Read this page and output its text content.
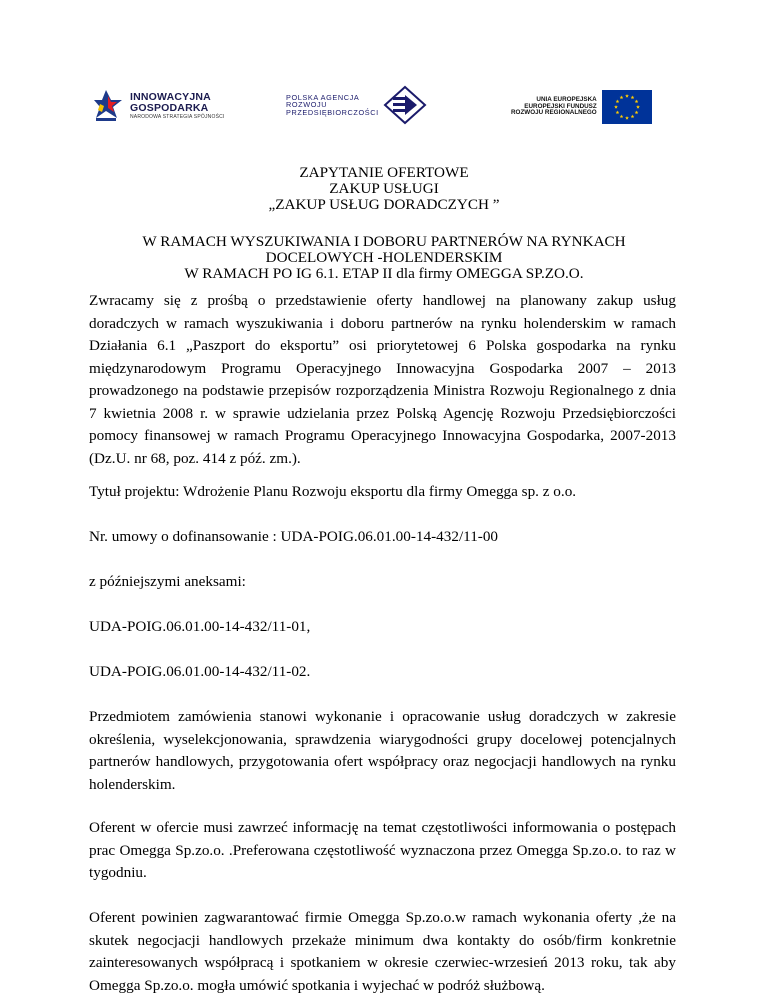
INNOWACYJNA
GOSPODARKA
NARODOWA STRATEGIA SPÓJNOŚCI
POLSKA AGENCJA
ROZWOJU
PRZEDSIĘBIORCZOŚCI
UNIA EUROPEJSKA
EUROPEJSKI FUNDUSZ
ROZWOJU REGIONALNEGO
ZAPYTANIE OFERTOWE
ZAKUP USŁUGI
„ZAKUP USŁUG DORADCZYCH ”
W RAMACH WYSZUKIWANIA I DOBORU PARTNERÓW NA RYNKACH
DOCELOWYCH -HOLENDERSKIM
W RAMACH PO IG 6.1. ETAP II dla firmy OMEGGA SP.ZO.O.

Zwracamy się z prośbą o przedstawienie oferty handlowej na planowany zakup usług doradczych w ramach wyszukiwania i doboru partnerów na rynku holenderskim w ramach Działania 6.1 „Paszport do eksportu” osi priorytetowej 6 Polska gospodarka na rynku międzynarodowym Programu Operacyjnego Innowacyjna Gospodarka 2007 – 2013 prowadzonego na podstawie przepisów rozporządzenia Ministra Rozwoju Regionalnego z dnia 7 kwietnia 2008 r. w sprawie udzielania przez Polską Agencję Rozwoju Przedsiębiorczości pomocy finansowej w ramach Programu Operacyjnego Innowacyjna Gospodarka, 2007-2013 (Dz.U. nr 68, poz. 414 z póź. zm.).

Tytuł projektu: Wdrożenie Planu Rozwoju eksportu dla firmy Omegga sp. z o.o.

Nr. umowy o dofinansowanie : UDA-POIG.06.01.00-14-432/11-00

z późniejszymi aneksami:

UDA-POIG.06.01.00-14-432/11-01,

UDA-POIG.06.01.00-14-432/11-02.

Przedmiotem zamówienia stanowi wykonanie i opracowanie usług doradczych w zakresie określenia, wyselekcjonowania, sprawdzenia wiarygodności grupy docelowej potencjalnych partnerów handlowych, przygotowania ofert współpracy oraz negocjacji handlowych na rynku holenderskim.

Oferent w ofercie musi zawrzeć informację na temat częstotliwości informowania o postępach prac Omegga Sp.zo.o. .Preferowana częstotliwość wyznaczona przez Omegga Sp.zo.o. to raz w tygodniu.

Oferent powinien zagwarantować firmie Omegga Sp.zo.o.w ramach wykonania oferty ,że na skutek negocjacji handlowych przekaże minimum dwa kontakty do osób/firm konkretnie zainteresowanych współpracą i spotkaniem w okresie czerwiec-wrzesień 2013 roku, tak aby Omegga Sp.zo.o. mogła umówić spotkania i wyjechać w podróż służbową.
